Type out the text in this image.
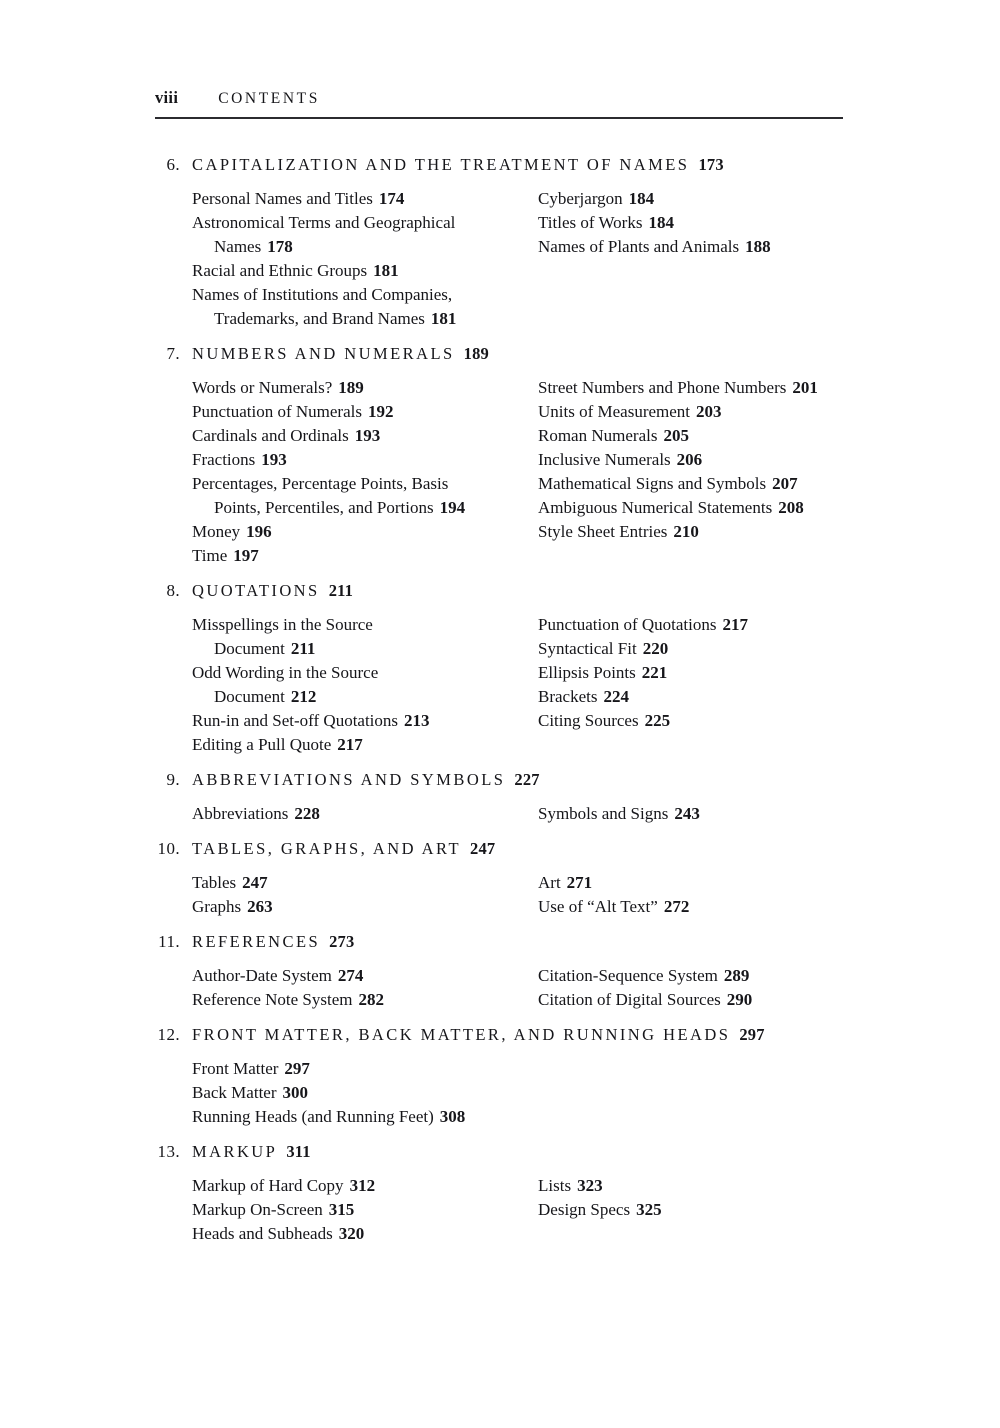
viii	CONTENTS
6. CAPITALIZATION AND THE TREATMENT OF NAMES 173
Personal Names and Titles 174
Astronomical Terms and Geographical
Names 178
Racial and Ethnic Groups 181
Names of Institutions and Companies,
Trademarks, and Brand Names 181
Cyberjargon 184
Titles of Works 184
Names of Plants and Animals 188
7. NUMBERS AND NUMERALS 189
Words or Numerals? 189
Punctuation of Numerals 192
Cardinals and Ordinals 193
Fractions 193
Percentages, Percentage Points, Basis
Points, Percentiles, and Portions 194
Money 196
Time 197
Street Numbers and Phone Numbers 201
Units of Measurement 203
Roman Numerals 205
Inclusive Numerals 206
Mathematical Signs and Symbols 207
Ambiguous Numerical Statements 208
Style Sheet Entries 210
8. QUOTATIONS 211
Misspellings in the Source
Document 211
Odd Wording in the Source
Document 212
Run-in and Set-off Quotations 213
Editing a Pull Quote 217
Punctuation of Quotations 217
Syntactical Fit 220
Ellipsis Points 221
Brackets 224
Citing Sources 225
9. ABBREVIATIONS AND SYMBOLS 227
Abbreviations 228	Symbols and Signs 243
10. TABLES, GRAPHS, AND ART 247
Tables 247
Graphs 263
Art 271
Use of “Alt Text” 272
11. REFERENCES 273
Author-Date System 274
Reference Note System 282
Citation-Sequence System 289
Citation of Digital Sources 290
12. FRONT MATTER, BACK MATTER, AND RUNNING HEADS 297
Front Matter 297
Back Matter 300
Running Heads (and Running Feet) 308
13. MARKUP 311
Markup of Hard Copy 312
Markup On-Screen 315
Heads and Subheads 320
Lists 323
Design Specs 325
